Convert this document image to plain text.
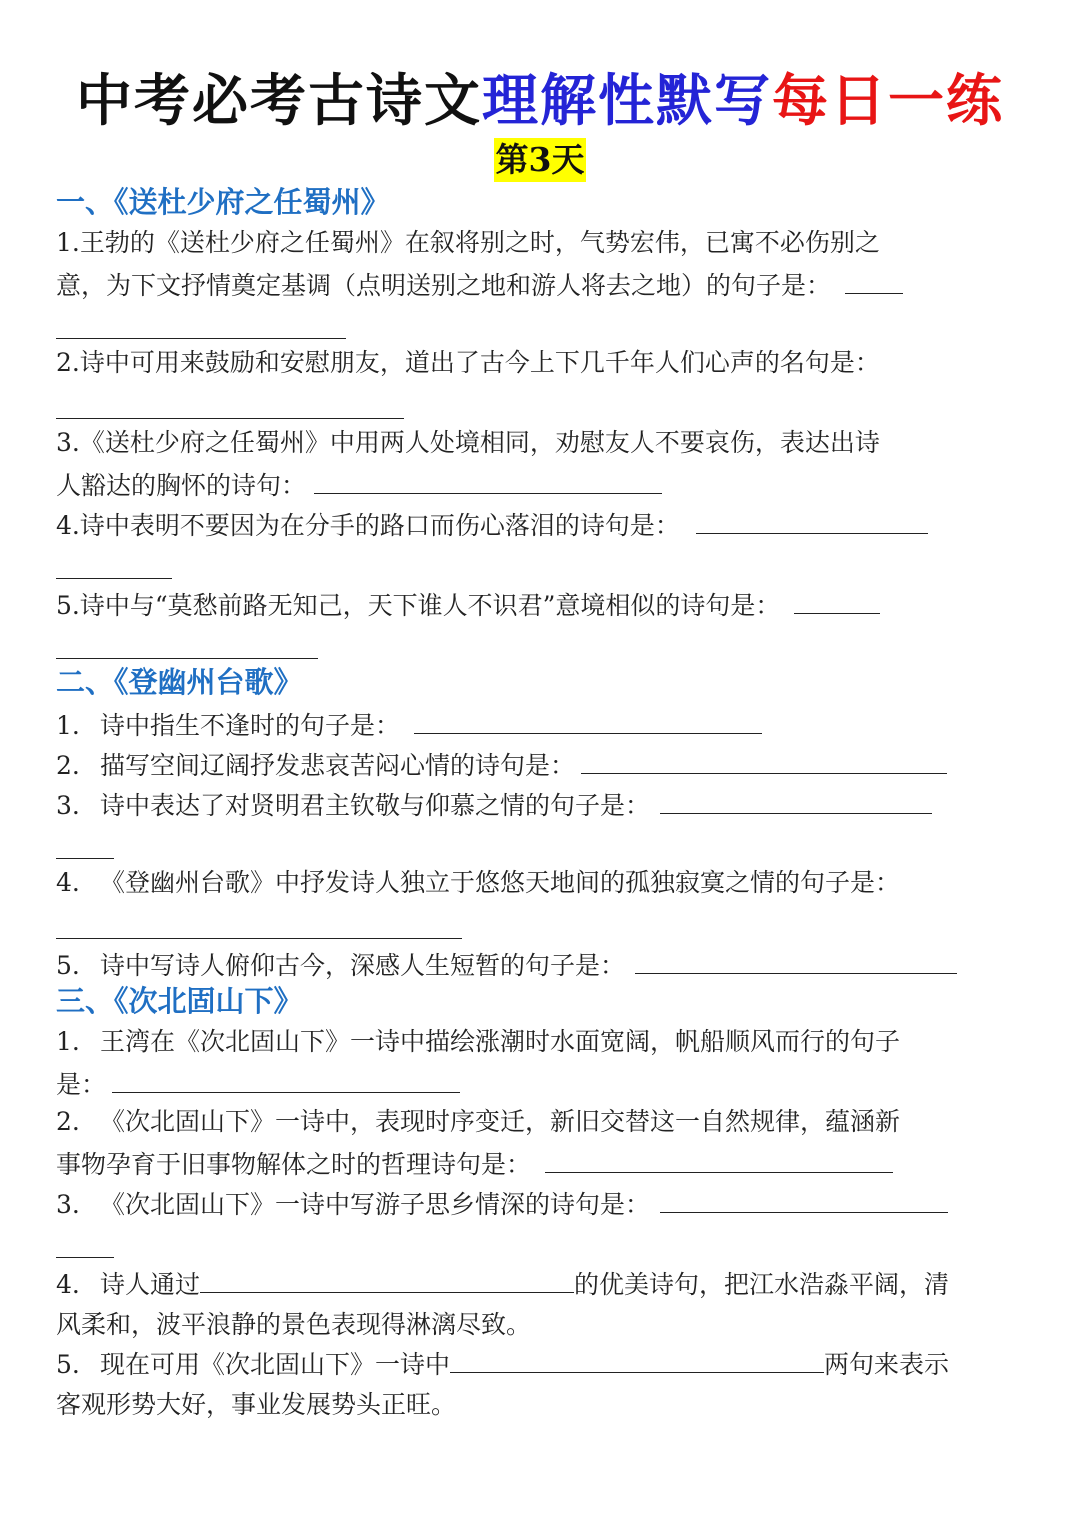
中考必考古诗文理解性默写每日一练
第3天
一、《送杜少府之任蜀州》
1.王勃的《送杜少府之任蜀州》在叙将别之时，气势宏伟，已寓不必伤别之
意，为下文抒情奠定基调（点明送别之地和游人将去之地）的句子是：
2.诗中可用来鼓励和安慰朋友，道出了古今上下几千年人们心声的名句是：
3.《送杜少府之任蜀州》中用两人处境相同，劝慰友人不要哀伤，表达出诗
人豁达的胸怀的诗句：
4.诗中表明不要因为在分手的路口而伤心落泪的诗句是：
5.诗中与“莫愁前路无知己，天下谁人不识君”意境相似的诗句是：
二、《登幽州台歌》
1. 诗中指生不逢时的句子是：
2. 描写空间辽阔抒发悲哀苦闷心情的诗句是：
3. 诗中表达了对贤明君主钦敬与仰慕之情的句子是：
4. 《登幽州台歌》中抒发诗人独立于悠悠天地间的孤独寂寞之情的句子是：
5. 诗中写诗人俯仰古今，深感人生短暂的句子是：
三、《次北固山下》
1. 王湾在《次北固山下》一诗中描绘涨潮时水面宽阔，帆船顺风而行的句子
是：
2. 《次北固山下》一诗中，表现时序变迁，新旧交替这一自然规律，蕴涵新
事物孕育于旧事物解体之时的哲理诗句是：
3. 《次北固山下》一诗中写游子思乡情深的诗句是：
4. 诗人通过	的优美诗句，把江水浩淼平阔，清
风柔和，波平浪静的景色表现得淋漓尽致。
5. 现在可用《次北固山下》一诗中	两句来表示
客观形势大好，事业发展势头正旺。
